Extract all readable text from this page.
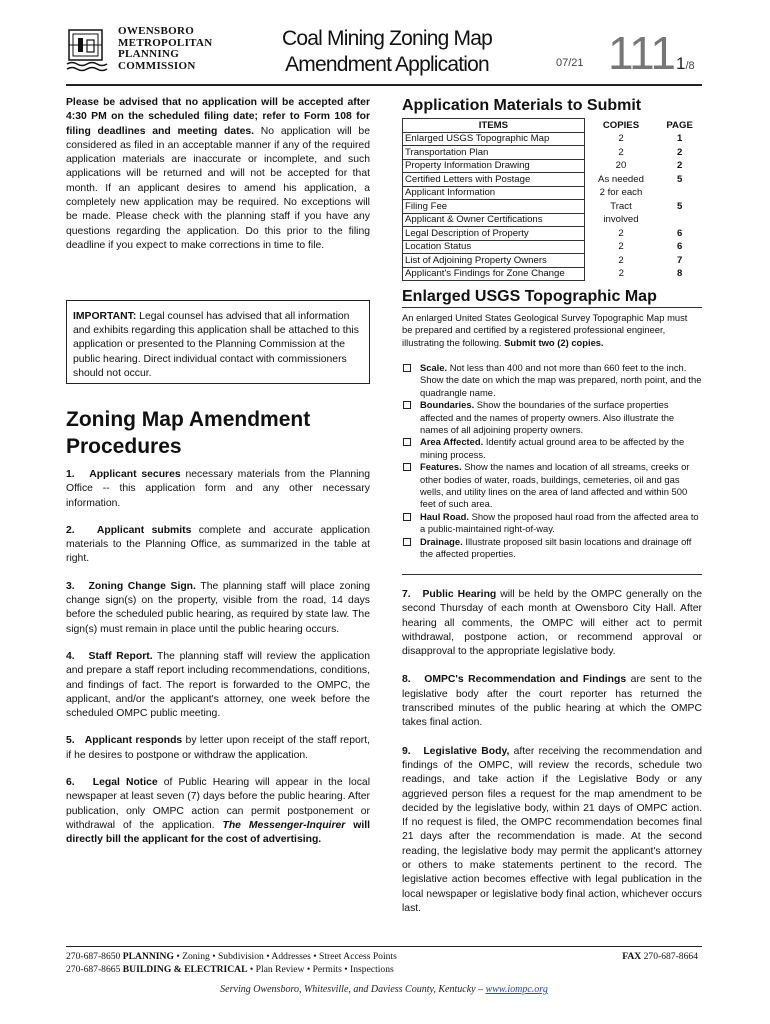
OWENSBORO
METROPOLITAN
PLANNING
COMMISSION
Coal Mining Zoning Map
Amendment Application	07/21 111 1/8

Please be advised that no application will be accepted after 4:30 PM on the scheduled filing date; refer to Form 108 for filing deadlines and meeting dates. No application will be considered as filed in an acceptable manner if any of the required application materials are inaccurate or incomplete, and such applications will be returned and will not be accepted for that month. If an applicant desires to amend his application, a completely new application may be required. No exceptions will be made. Please check with the planning staff if you have any questions regarding the application. Do this prior to the filing deadline if you expect to make corrections in time to file.

IMPORTANT: Legal counsel has advised that all information and exhibits regarding this application shall be attached to this application or presented to the Planning Commission at the public hearing. Direct individual contact with commissioners should not occur.
Zoning Map Amendment Procedures

1. Applicant secures necessary materials from the Planning Office -- this application form and any other necessary information.

2. Applicant submits complete and accurate application materials to the Planning Office, as summarized in the table at right.

3. Zoning Change Sign. The planning staff will place zoning change sign(s) on the property, visible from the road, 14 days before the scheduled public hearing, as required by state law. The sign(s) must remain in place until the public hearing occurs.

4. Staff Report. The planning staff will review the application and prepare a staff report including recommendations, conditions, and findings of fact. The report is forwarded to the OMPC, the applicant, and/or the applicant's attorney, one week before the scheduled OMPC public meeting.

5. Applicant responds by letter upon receipt of the staff report, if he desires to postpone or withdraw the application.

6. Legal Notice of Public Hearing will appear in the local newspaper at least seven (7) days before the public hearing. After publication, only OMPC action can permit postponement or withdrawal of the application. The Messenger-Inquirer will directly bill the applicant for the cost of advertising.

Application Materials to Submit
ITEMS	COPIES	PAGE
Enlarged USGS Topographic Map	2	1
Transportation Plan	2	2
Property Information Drawing	20	2
Certified Letters with Postage	As needed	5
Applicant Information	2 for each	
Filing Fee	Tract	5
Applicant & Owner Certifications	involved	
Legal Description of Property	2	6
Location Status	2	6
List of Adjoining Property Owners	2	7
Applicant's Findings for Zone Change	2	8
Enlarged USGS Topographic Map

An enlarged United States Geological Survey Topographic Map must be prepared and certified by a registered professional engineer, illustrating the following. Submit two (2) copies.

Scale. Not less than 400 and not more than 660 feet to the inch. Show the date on which the map was prepared, north point, and the quadrangle name.
Boundaries. Show the boundaries of the surface properties affected and the names of property owners. Also illustrate the names of all adjoining property owners.
Area Affected. Identify actual ground area to be affected by the mining process.
Features. Show the names and location of all streams, creeks or other bodies of water, roads, buildings, cemeteries, oil and gas wells, and utility lines on the area of land affected and within 500 feet of such area.
Haul Road. Show the proposed haul road from the affected area to a public-maintained right-of-way.
Drainage. Illustrate proposed silt basin locations and drainage off the affected properties.

7. Public Hearing will be held by the OMPC generally on the second Thursday of each month at Owensboro City Hall. After hearing all comments, the OMPC will either act to permit withdrawal, postpone action, or recommend approval or disapproval to the appropriate legislative body.

8. OMPC's Recommendation and Findings are sent to the legislative body after the court reporter has returned the transcribed minutes of the public hearing at which the OMPC takes final action.

9. Legislative Body, after receiving the recommendation and findings of the OMPC, will review the records, schedule two readings, and take action if the Legislative Body or any aggrieved person files a request for the map amendment to be decided by the legislative body, within 21 days of OMPC action. If no request is filed, the OMPC recommendation becomes final 21 days after the recommendation is made. At the second reading, the legislative body may permit the applicant's attorney or others to make statements pertinent to the record. The legislative action becomes effective with legal publication in the local newspaper or legislative body final action, whichever occurs last.

270-687-8650 PLANNING • Zoning • Subdivision • Addresses • Street Access Points
270-687-8665 BUILDING & ELECTRICAL • Plan Review • Permits • Inspections
FAX 270-687-8664
Serving Owensboro, Whitesville, and Daviess County, Kentucky – www.iompc.org
